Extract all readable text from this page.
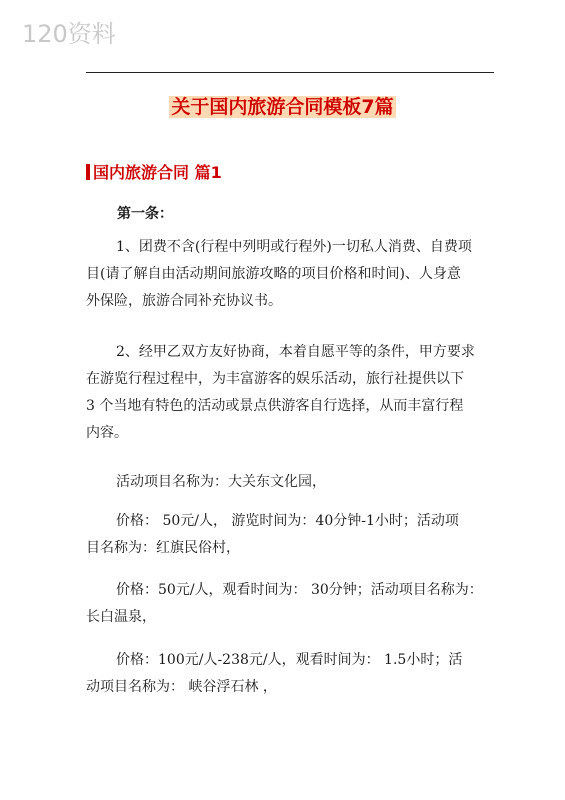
120资料
关于国内旅游合同模板7篇
国内旅游合同 篇1
第一条：
1、团费不含(行程中列明或行程外)一切私人消费、自费项
目(请了解自由活动期间旅游攻略的项目价格和时间)、人身意
外保险，旅游合同补充协议书。
2、经甲乙双方友好协商，本着自愿平等的条件，甲方要求
在游览行程过程中，为丰富游客的娱乐活动，旅行社提供以下
3 个当地有特色的活动或景点供游客自行选择，从而丰富行程
内容。
活动项目名称为：大关东文化园，
价格： 50元/人， 游览时间为：40分钟-1小时；活动项
目名称为：红旗民俗村，
价格：50元/人，观看时间为： 30分钟；活动项目名称为：
长白温泉，
价格：100元/人-238元/人，观看时间为： 1.5小时；活
动项目名称为： 峡谷浮石林 ，
